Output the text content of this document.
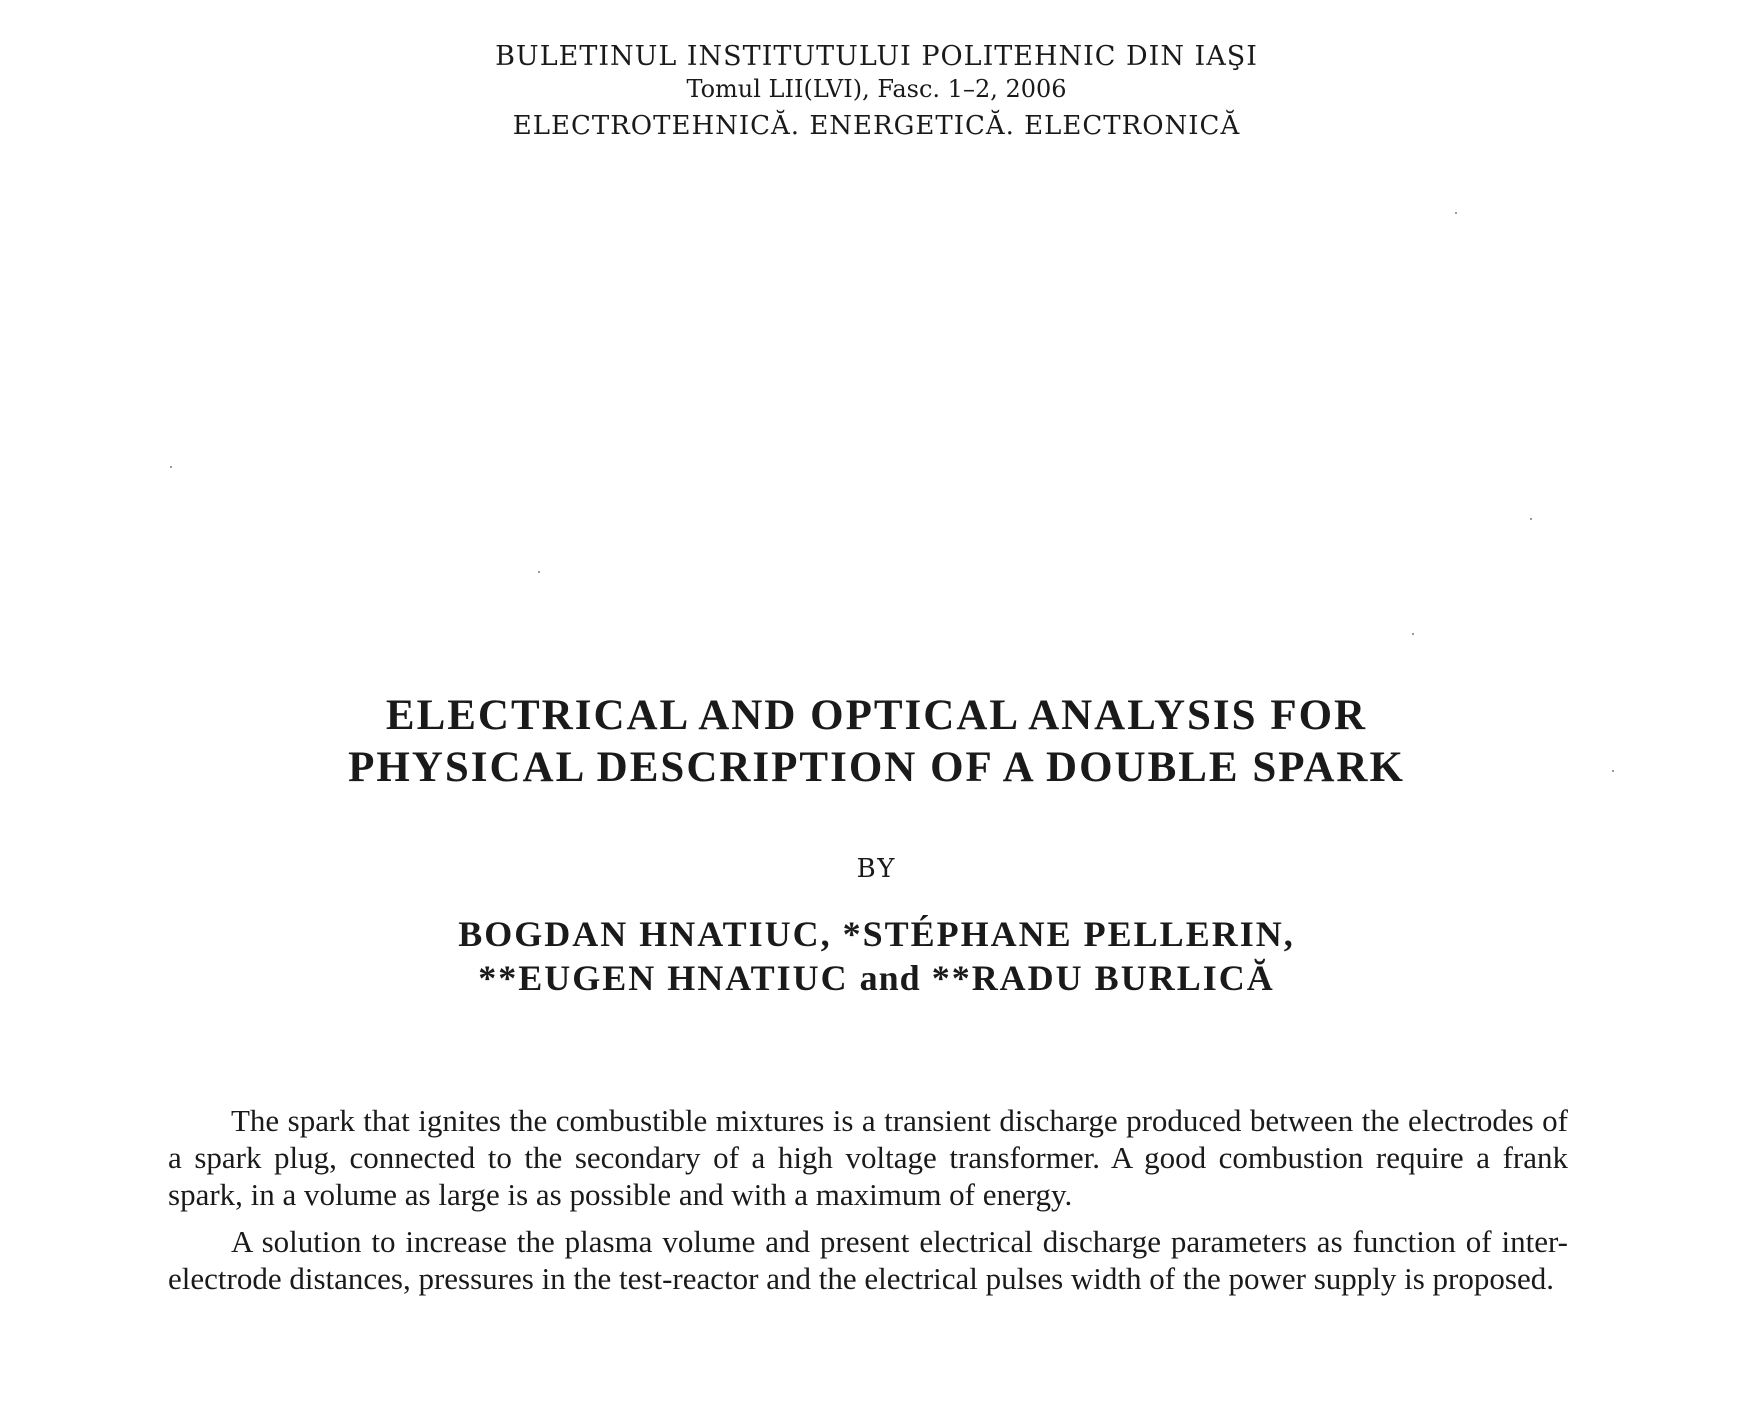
BULETINUL INSTITUTULUI POLITEHNIC DIN IAŞI
Tomul LII(LVI), Fasc. 1–2, 2006
ELECTROTEHNICĂ. ENERGETICĂ. ELECTRONICĂ
ELECTRICAL AND OPTICAL ANALYSIS FOR
PHYSICAL DESCRIPTION OF A DOUBLE SPARK
BY
BOGDAN HNATIUC, *STÉPHANE PELLERIN,
**EUGEN HNATIUC and **RADU BURLICĂ

The spark that ignites the combustible mixtures is a transient discharge produced between the electrodes of a spark plug, connected to the secondary of a high voltage transformer. A good combustion require a frank spark, in a volume as large is as possible and with a maximum of energy.

A solution to increase the plasma volume and present electrical discharge parameters as function of inter-electrode distances, pressures in the test-reactor and the electrical pulses width of the power supply is proposed.
